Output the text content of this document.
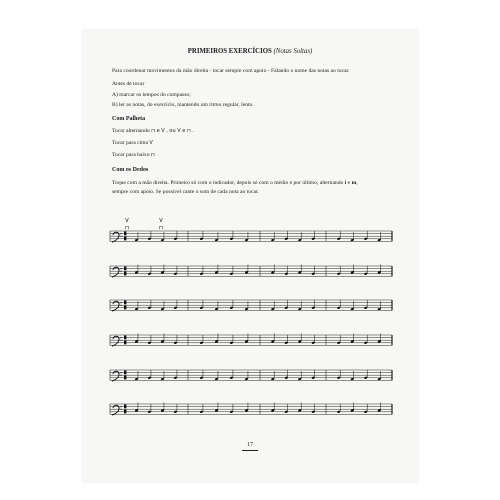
PRIMEIROS EXERCÍCIOS (Notas Soltas)
Para coordenar movimentos da mão direita - tocar sempre com apoio - Falando o nome das notas ao tocar.
Antes de tocar
A) marcar os tempos do compasso;
B) ler as notas, do exercício, mantendo um ritmo regular, lento.
Com Palheta
Tocar alternando ⊓ e V , ou V e ⊓ .
Tocar para cima V
Tocar para baixo ⊓
Com os Dedos
Toque com a mão direita. Primeiro só com o indicador, depois só com o médio e por último, alternando i e m,
sempre com apoio. Se possível cante o som de cada nota ao tocar.
⊓
V	V
⊓
17
